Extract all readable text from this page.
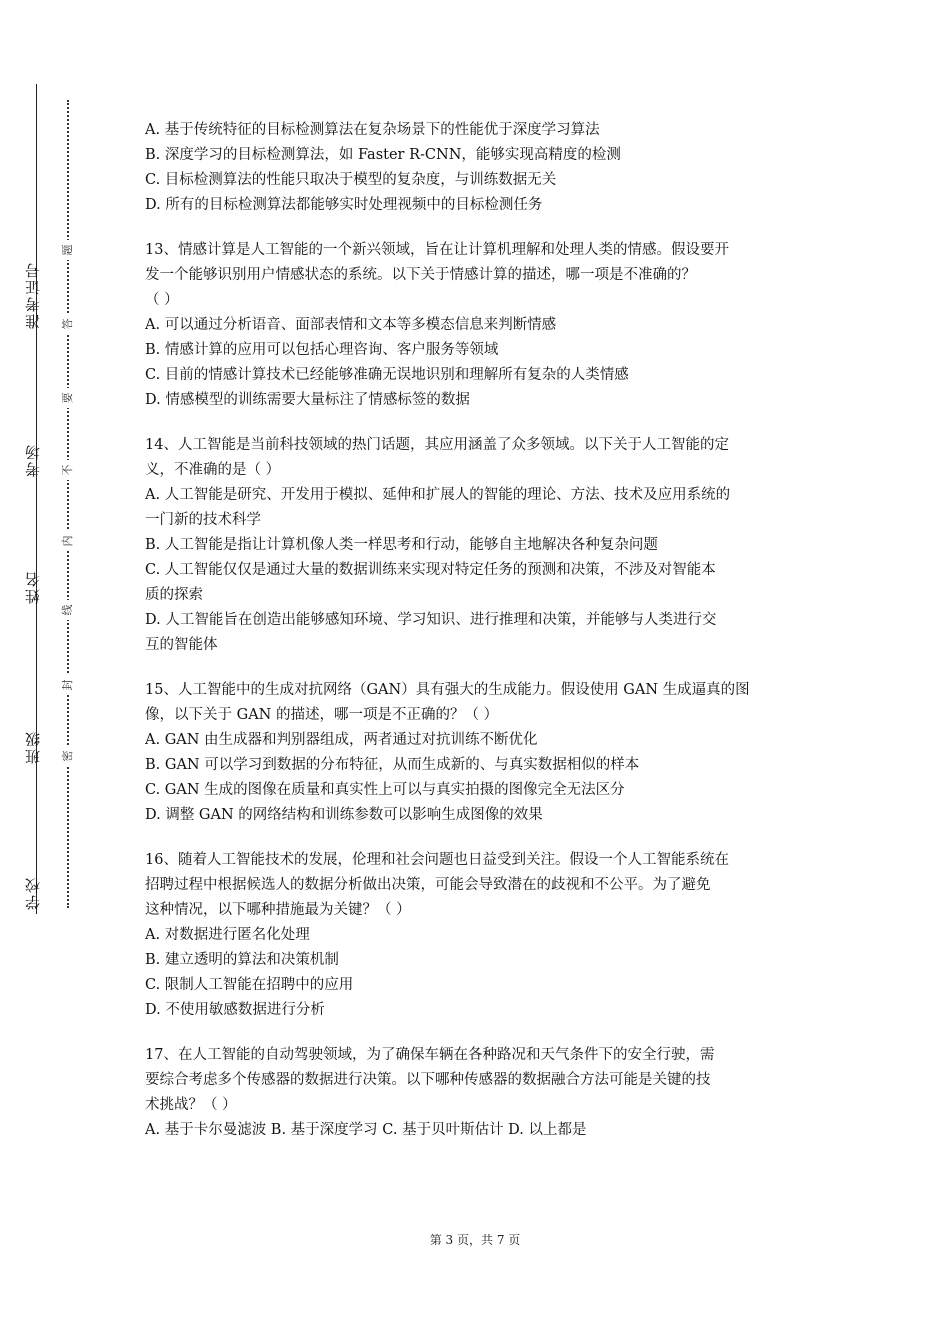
准考证号
考场
姓名
班级
学校
题
答
要
不
内
线
封
密
A. 基于传统特征的目标检测算法在复杂场景下的性能优于深度学习算法
B. 深度学习的目标检测算法，如 Faster R-CNN，能够实现高精度的检测
C. 目标检测算法的性能只取决于模型的复杂度，与训练数据无关
D. 所有的目标检测算法都能够实时处理视频中的目标检测任务
13、情感计算是人工智能的一个新兴领域，旨在让计算机理解和处理人类的情感。假设要开
发一个能够识别用户情感状态的系统。以下关于情感计算的描述，哪一项是不准确的？
（ ）
A. 可以通过分析语音、面部表情和文本等多模态信息来判断情感
B. 情感计算的应用可以包括心理咨询、客户服务等领域
C. 目前的情感计算技术已经能够准确无误地识别和理解所有复杂的人类情感
D. 情感模型的训练需要大量标注了情感标签的数据
14、人工智能是当前科技领域的热门话题，其应用涵盖了众多领域。以下关于人工智能的定
义，不准确的是（ ）
A. 人工智能是研究、开发用于模拟、延伸和扩展人的智能的理论、方法、技术及应用系统的
一门新的技术科学
B. 人工智能是指让计算机像人类一样思考和行动，能够自主地解决各种复杂问题
C. 人工智能仅仅是通过大量的数据训练来实现对特定任务的预测和决策，不涉及对智能本
质的探索
D. 人工智能旨在创造出能够感知环境、学习知识、进行推理和决策，并能够与人类进行交
互的智能体
15、人工智能中的生成对抗网络（GAN）具有强大的生成能力。假设使用 GAN 生成逼真的图
像，以下关于 GAN 的描述，哪一项是不正确的？（ ）
A. GAN 由生成器和判别器组成，两者通过对抗训练不断优化
B. GAN 可以学习到数据的分布特征，从而生成新的、与真实数据相似的样本
C. GAN 生成的图像在质量和真实性上可以与真实拍摄的图像完全无法区分
D. 调整 GAN 的网络结构和训练参数可以影响生成图像的效果
16、随着人工智能技术的发展，伦理和社会问题也日益受到关注。假设一个人工智能系统在
招聘过程中根据候选人的数据分析做出决策，可能会导致潜在的歧视和不公平。为了避免
这种情况，以下哪种措施最为关键？（ ）
A. 对数据进行匿名化处理
B. 建立透明的算法和决策机制
C. 限制人工智能在招聘中的应用
D. 不使用敏感数据进行分析
17、在人工智能的自动驾驶领域，为了确保车辆在各种路况和天气条件下的安全行驶，需
要综合考虑多个传感器的数据进行决策。以下哪种传感器的数据融合方法可能是关键的技
术挑战？（ ）
A. 基于卡尔曼滤波 B. 基于深度学习 C. 基于贝叶斯估计 D. 以上都是
第 3 页，共 7 页
